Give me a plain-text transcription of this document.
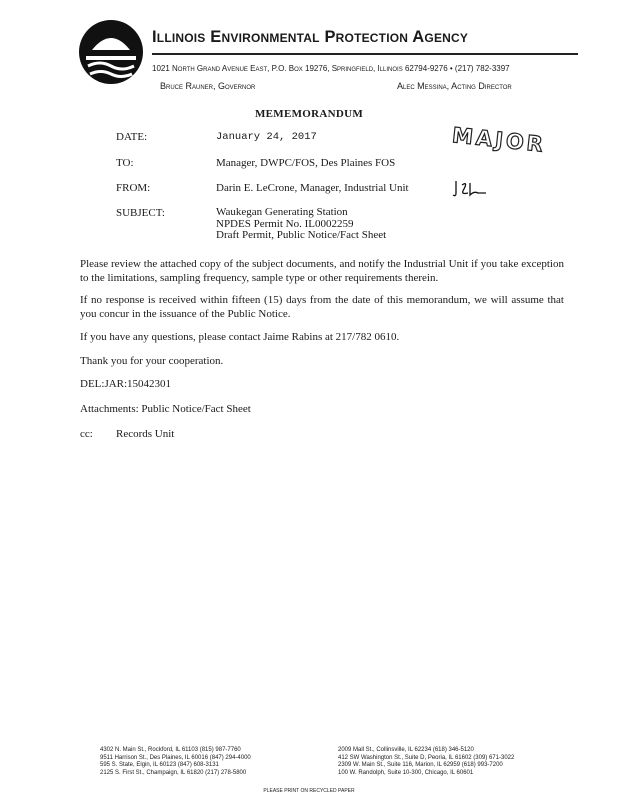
Illinois Environmental Protection Agency
1021 North Grand Avenue East, P.O. Box 19276, Springfield, Illinois 62794-9276 • (217) 782-3397
Bruce Rauner, Governor	Alec Messina, Acting Director
MEMEMORANDUM
MAJOR
DATE:	January 24, 2017
TO:	Manager, DWPC/FOS, Des Plaines FOS
FROM:	Darin E. LeCrone, Manager, Industrial Unit
SUBJECT:	Waukegan Generating Station
NPDES Permit No. IL0002259
Draft Permit, Public Notice/Fact Sheet
Please review the attached copy of the subject documents, and notify the Industrial Unit if you take exception to the limitations, sampling frequency, sample type or other requirements therein.
If no response is received within fifteen (15) days from the date of this memorandum, we will assume that you concur in the issuance of the Public Notice.
If you have any questions, please contact Jaime Rabins at 217/782 0610.
Thank you for your cooperation.
DEL:JAR:15042301
Attachments: Public Notice/Fact Sheet
cc: Records Unit
4302 N. Main St., Rockford, IL 61103 (815) 987-7760
9511 Harrison St., Des Plaines, IL 60016 (847) 294-4000
595 S. State, Elgin, IL 60123 (847) 608-3131
2125 S. First St., Champaign, IL 61820 (217) 278-5800
2009 Mall St., Collinsville, IL 62234 (618) 346-5120
412 SW Washington St., Suite D, Peoria, IL 61602 (309) 671-3022
2309 W. Main St., Suite 116, Marion, IL 62959 (618) 993-7200
100 W. Randolph, Suite 10-300, Chicago, IL 60601
PLEASE PRINT ON RECYCLED PAPER
